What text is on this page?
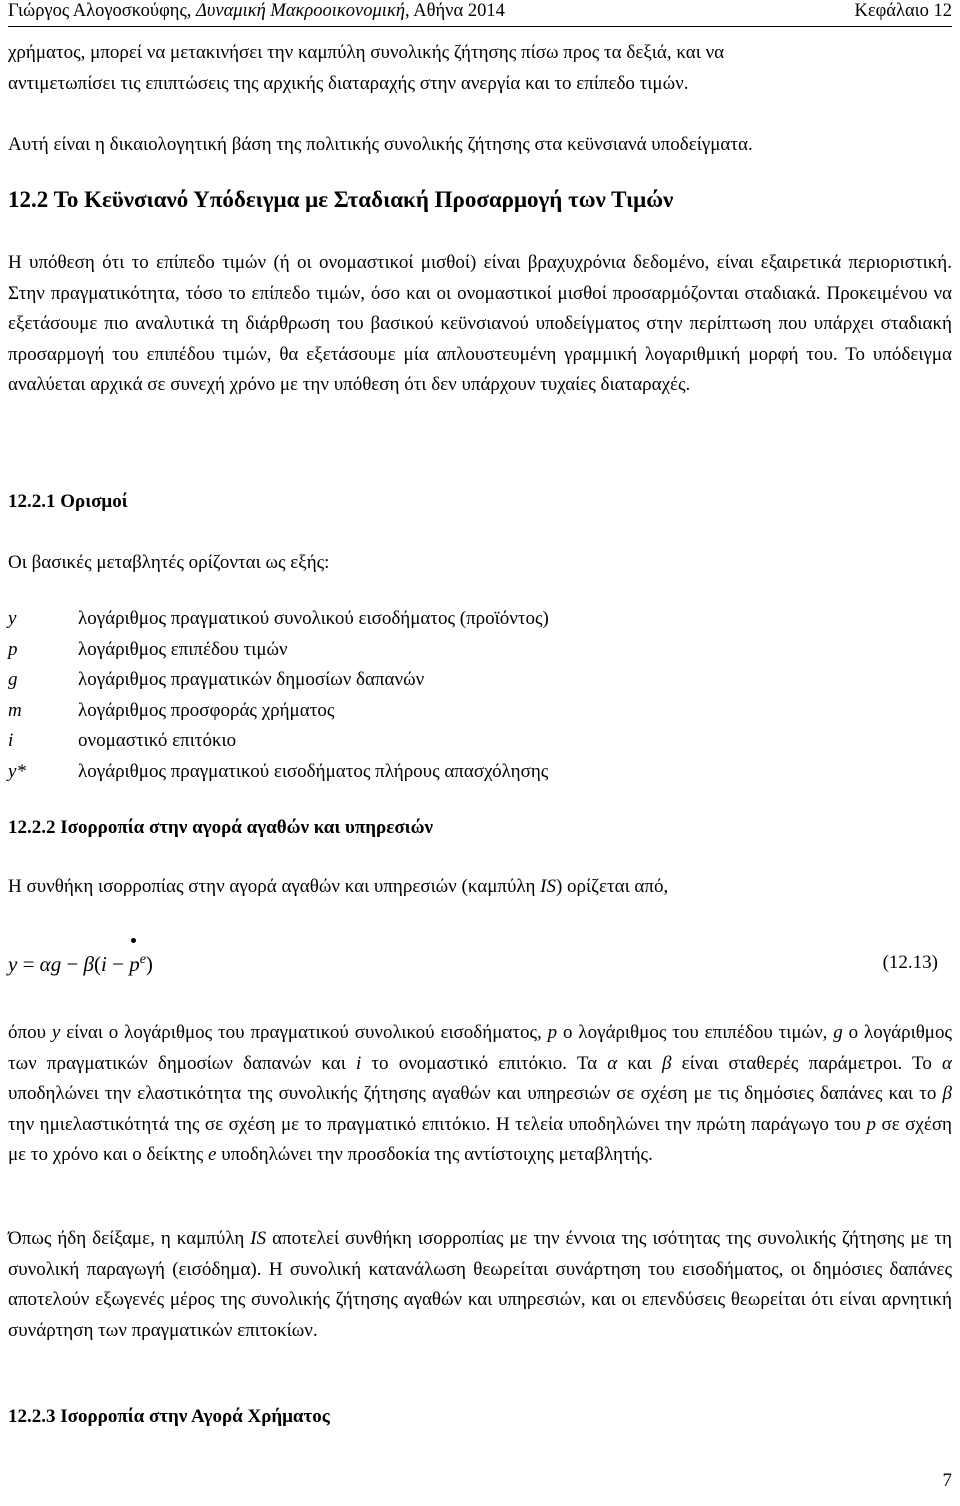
Γιώργος Αλογοσκούφης, Δυναμική Μακροοικονομική, Αθήνα 2014	Κεφάλαιο 12

χρήματος, μπορεί να μετακινήσει την καμπύλη συνολικής ζήτησης πίσω προς τα δεξιά, και να

αντιμετωπίσει τις επιπτώσεις της αρχικής διαταραχής στην ανεργία και το επίπεδο τιμών.

Αυτή είναι η δικαιολογητική βάση της πολιτικής συνολικής ζήτησης στα κεϋνσιανά υποδείγματα.

12.2 Το Κεϋνσιανό Υπόδειγμα με Σταδιακή Προσαρμογή των Τιμών

Η υπόθεση ότι το επίπεδο τιμών (ή οι ονομαστικοί μισθοί) είναι βραχυχρόνια δεδομένο, είναι εξαιρετικά περιοριστική. Στην πραγματικότητα, τόσο το επίπεδο τιμών, όσο και οι ονομαστικοί μισθοί προσαρμόζονται σταδιακά. Προκειμένου να εξετάσουμε πιο αναλυτικά τη διάρθρωση του βασικού κεϋνσιανού υποδείγματος στην περίπτωση που υπάρχει σταδιακή προσαρμογή του επιπέδου τιμών, θα εξετάσουμε μία απλουστευμένη γραμμική λογαριθμική μορφή του. Το υπόδειγμα αναλύεται αρχικά σε συνεχή χρόνο με την υπόθεση ότι δεν υπάρχουν τυχαίες διαταραχές.

12.2.1 Ορισμοί

Οι βασικές μεταβλητές ορίζονται ως εξής:

y	λογάριθμος πραγματικού συνολικού εισοδήματος (προϊόντος)
p	λογάριθμος επιπέδου τιμών
g	λογάριθμος πραγματικών δημοσίων δαπανών
m	λογάριθμος προσφοράς χρήματος
i	ονομαστικό επιτόκιο
y*	λογάριθμος πραγματικού εισοδήματος πλήρους απασχόλησης
12.2.2 Ισορροπία στην αγορά αγαθών και υπηρεσιών

Η συνθήκη ισορροπίας στην αγορά αγαθών και υπηρεσιών (καμπύλη IS) ορίζεται από,

y = αg − β(i −
$p^e$)	(12.13)

όπου y είναι ο λογάριθμος του πραγματικού συνολικού εισοδήματος, p ο λογάριθμος του επιπέδου τιμών, g ο λογάριθμος των πραγματικών δημοσίων δαπανών και i το ονομαστικό επιτόκιο. Τα α και β είναι σταθερές παράμετροι. Το α υποδηλώνει την ελαστικότητα της συνολικής ζήτησης αγαθών και υπηρεσιών σε σχέση με τις δημόσιες δαπάνες και το β την ημιελαστικότητά της σε σχέση με το πραγματικό επιτόκιο. Η τελεία υποδηλώνει την πρώτη παράγωγο του p σε σχέση με το χρόνο και ο δείκτης e υποδηλώνει την προσδοκία της αντίστοιχης μεταβλητής.

Όπως ήδη δείξαμε, η καμπύλη IS αποτελεί συνθήκη ισορροπίας με την έννοια της ισότητας της συνολικής ζήτησης με τη συνολική παραγωγή (εισόδημα). Η συνολική κατανάλωση θεωρείται συνάρτηση του εισοδήματος, οι δημόσιες δαπάνες αποτελούν εξωγενές μέρος της συνολικής ζήτησης αγαθών και υπηρεσιών, και οι επενδύσεις θεωρείται ότι είναι αρνητική συνάρτηση των πραγματικών επιτοκίων.

12.2.3 Ισορροπία στην Αγορά Χρήματος
7
